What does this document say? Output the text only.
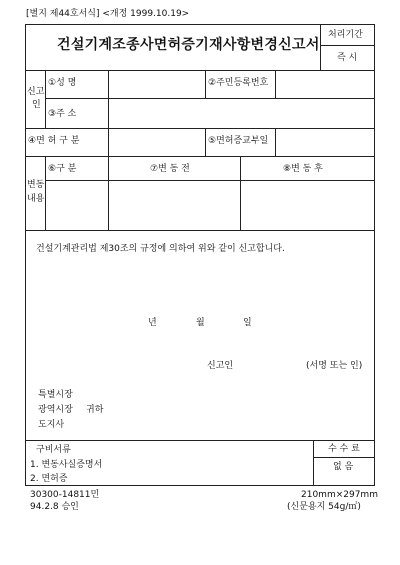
[별지 제44호서식] <개정 1999.10.19>
건설기계조종사면허증기재사항변경신고서
처리기간
즉 시
신고
인
①성 명	②주민등록번호
③주 소
④면 허 구 분	⑤면허증교부일
변동
내용
⑥구 분	⑦변 동 전	⑧변 동 후
건설기계관리법 제30조의 규정에 의하여 위와 같이 신고합니다.
년	월	일
신고인	(서명 또는 인)
특별시장
광역시장 귀하
도지사
구비서류
1. 변동사실증명서
2. 면허증
수 수 료
없 음
30300-14811민
94.2.8 승인
210mm×297mm
(신문용지 54g/㎡)
